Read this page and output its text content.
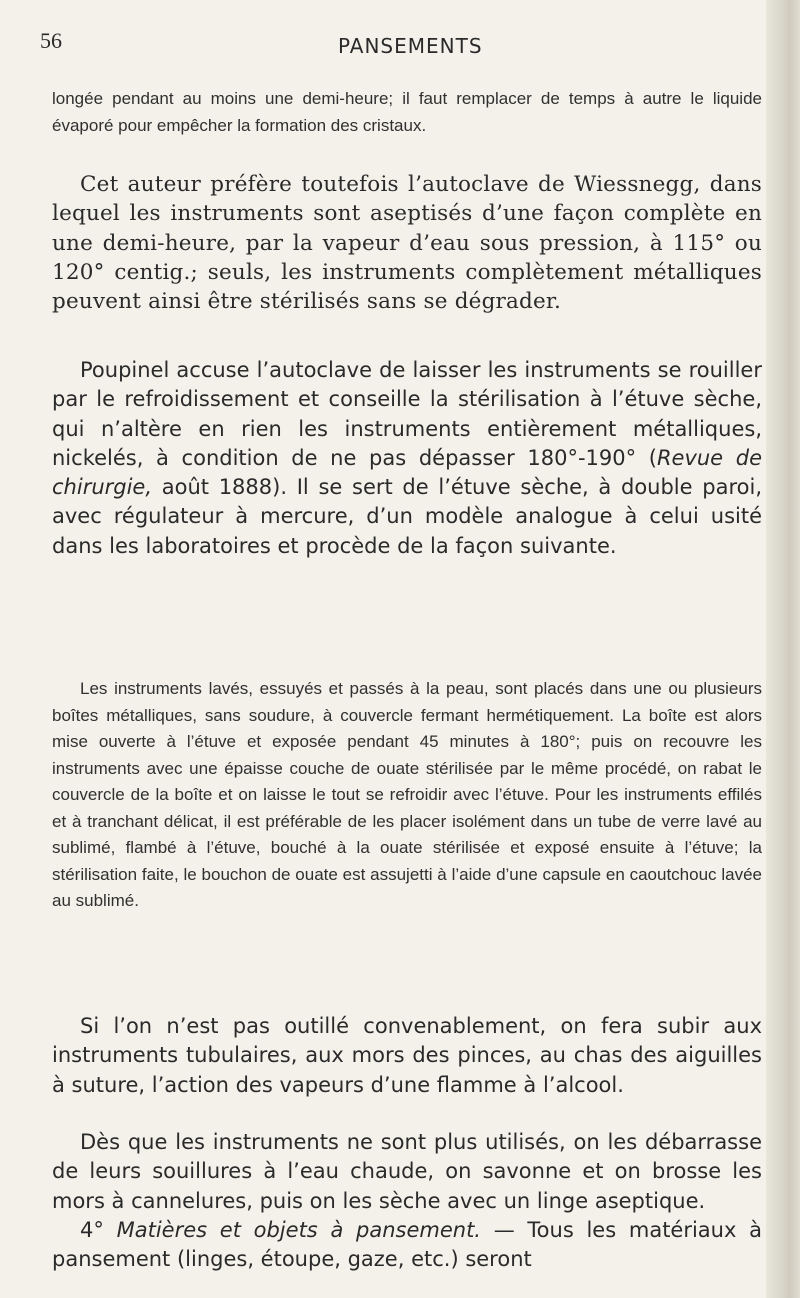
56	PANSEMENTS

longée pendant au moins une demi-heure; il faut remplacer de temps à autre le liquide évaporé pour empêcher la formation des cristaux.

Cet auteur préfère toutefois l’autoclave de Wiessnegg, dans lequel les instruments sont aseptisés d’une façon complète en une demi-heure, par la vapeur d’eau sous pression, à 115° ou 120° centig.; seuls, les instruments complètement métalliques peuvent ainsi être stérilisés sans se dégrader.

Poupinel accuse l’autoclave de laisser les instruments se rouiller par le refroidissement et conseille la stérilisation à l’étuve sèche, qui n’altère en rien les instruments entièrement métalliques, nickelés, à condition de ne pas dépasser 180°-190° (Revue de chirurgie, août 1888). Il se sert de l’étuve sèche, à double paroi, avec régulateur à mercure, d’un modèle analogue à celui usité dans les laboratoires et procède de la façon suivante.

Les instruments lavés, essuyés et passés à la peau, sont placés dans une ou plusieurs boîtes métalliques, sans soudure, à couvercle fermant hermétiquement. La boîte est alors mise ouverte à l’étuve et exposée pendant 45 minutes à 180°; puis on recouvre les instruments avec une épaisse couche de ouate stérilisée par le même procédé, on rabat le couvercle de la boîte et on laisse le tout se refroidir avec l’étuve. Pour les instruments effilés et à tranchant délicat, il est préférable de les placer isolément dans un tube de verre lavé au sublimé, flambé à l’étuve, bouché à la ouate stérilisée et exposé ensuite à l’étuve; la stérilisation faite, le bouchon de ouate est assujetti à l’aide d’une capsule en caoutchouc lavée au sublimé.

Si l’on n’est pas outillé convenablement, on fera subir aux instruments tubulaires, aux mors des pinces, au chas des aiguilles à suture, l’action des vapeurs d’une flamme à l’alcool.

Dès que les instruments ne sont plus utilisés, on les débarrasse de leurs souillures à l’eau chaude, on savonne et on brosse les mors à cannelures, puis on les sèche avec un linge aseptique.

4° Matières et objets à pansement. — Tous les matériaux à pansement (linges, étoupe, gaze, etc.) seront
